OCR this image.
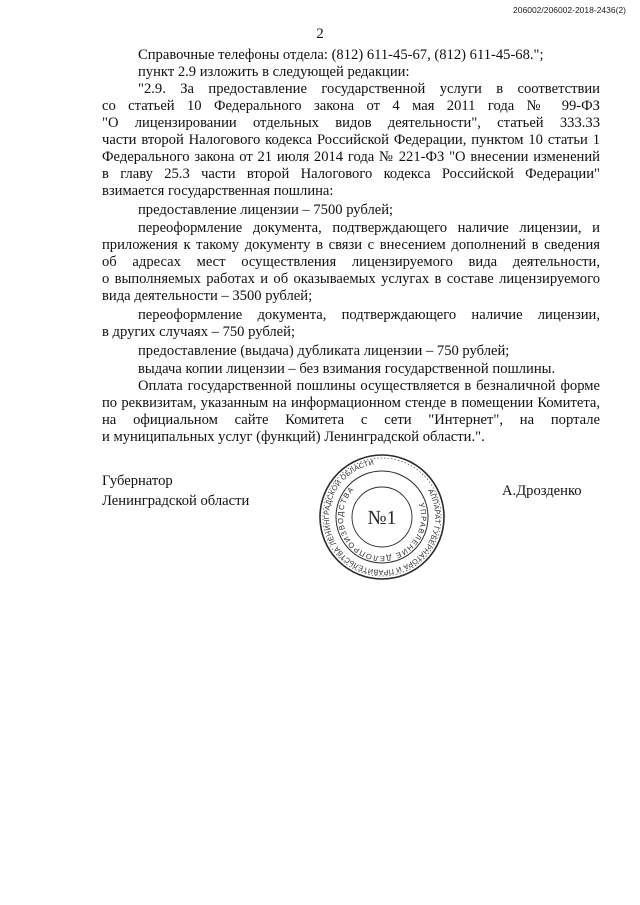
206002/206002-2018-2436(2)
2
Справочные телефоны отдела: (812) 611-45-67, (812) 611-45-68.";
пункт 2.9 изложить в следующей редакции:
"2.9. За предоставление государственной услуги в соответствии
со статьей 10 Федерального закона от 4 мая 2011 года № 99-ФЗ
"О лицензировании отдельных видов деятельности", статьей 333.33
части второй Налогового кодекса Российской Федерации, пунктом 10 статьи 1
Федерального закона от 21 июля 2014 года № 221-ФЗ "О внесении изменений
в главу 25.3 части второй Налогового кодекса Российской Федерации"
взимается государственная пошлина:
предоставление лицензии – 7500 рублей;
переоформление документа, подтверждающего наличие лицензии, и
приложения к такому документу в связи с внесением дополнений в сведения
об адресах мест осуществления лицензируемого вида деятельности,
о выполняемых работах и об оказываемых услугах в составе лицензируемого
вида деятельности – 3500 рублей;
переоформление документа, подтверждающего наличие лицензии,
в других случаях – 750 рублей;
предоставление (выдача) дубликата лицензии – 750 рублей;
выдача копии лицензии – без взимания государственной пошлины.
Оплата государственной пошлины осуществляется в безналичной форме
по реквизитам, указанным на информационном стенде в помещении Комитета,
на официальном сайте Комитета с сети "Интернет", на портале
и муниципальных услуг (функций) Ленинградской области.".
Губернатор
Ленинградской области
А.Дрозденко
АППАРАТ ГУБЕРНАТОРА И ПРАВИТЕЛЬСТВА ЛЕНИНГРАДСКОЙ ОБЛАСТИ
УПРАВЛЕНИЕ ДЕЛОПРОИЗВОДСТВА
№1
